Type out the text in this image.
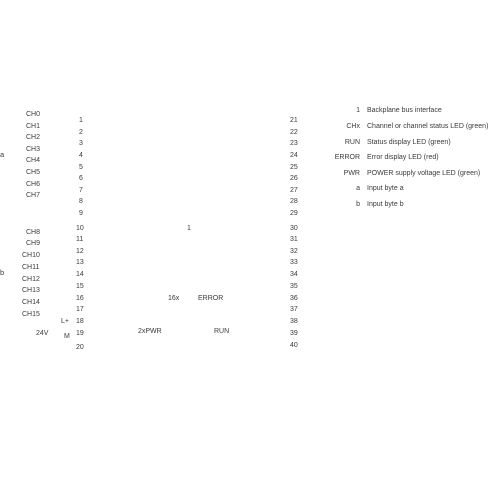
a
b
CH0
CH1
CH2
CH3
CH4
CH5
CH6
CH7
CH8
CH9
CH10
CH11
CH12
CH13
CH14
CH15
L+
24V M
1
2
3
4
5
6
7
8
9
10
11
12
13
14
15
16
17
18
19
20
21
22
23
24
25
26
27
28
29
30
31
32
33
34
35
36
37
38
39
40
1
16x	ERROR
2xPWR	RUN
1 Backplane bus interface
CHx Channel or channel status LED (green)
RUN Status display LED (green)
ERROR Error display LED (red)
PWR POWER supply voltage LED (green)
a Input byte a
b Input byte b
